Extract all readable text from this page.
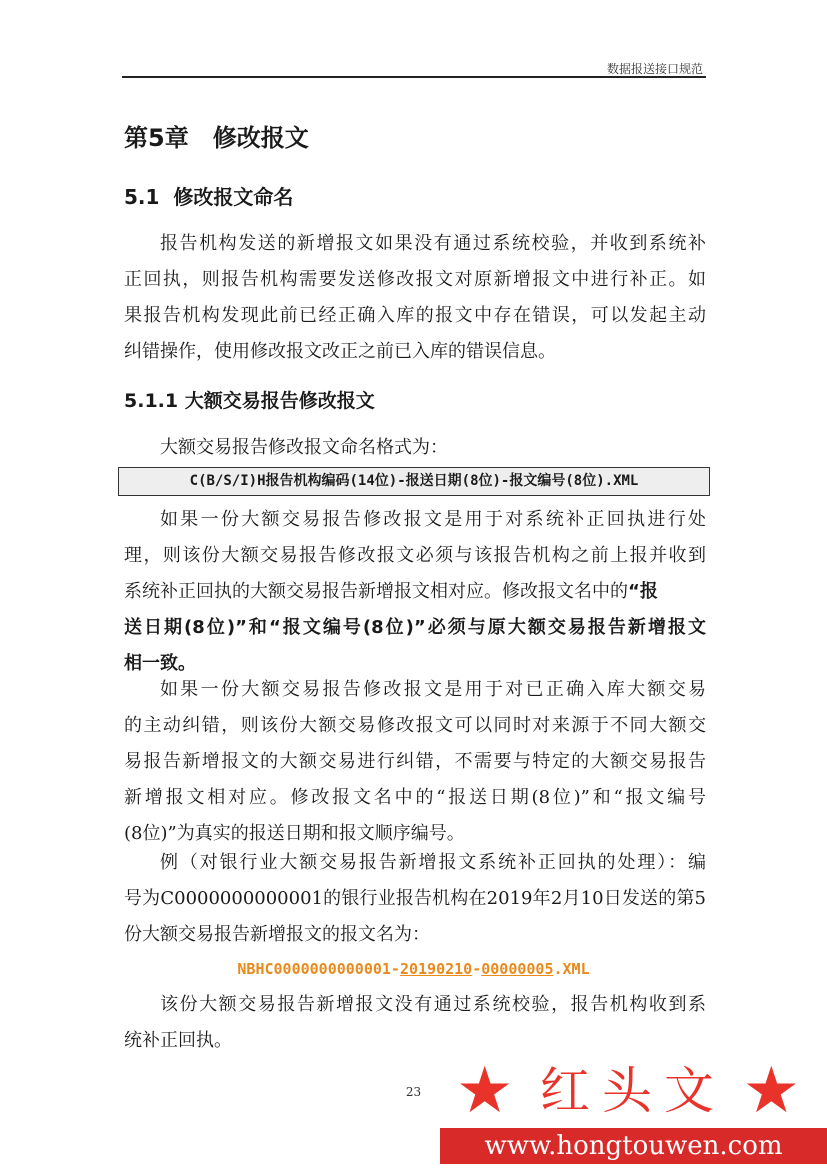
数据报送接口规范
第5章　修改报文
5.1  修改报文命名
报告机构发送的新增报文如果没有通过系统校验，并收到系统补
正回执，则报告机构需要发送修改报文对原新增报文中进行补正。如
果报告机构发现此前已经正确入库的报文中存在错误，可以发起主动
纠错操作，使用修改报文改正之前已入库的错误信息。
5.1.1 大额交易报告修改报文
大额交易报告修改报文命名格式为：
C(B/S/I)H报告机构编码(14位)-报送日期(8位)-报文编号(8位).XML
如果一份大额交易报告修改报文是用于对系统补正回执进行处
理，则该份大额交易报告修改报文必须与该报告机构之前上报并收到
系统补正回执的大额交易报告新增报文相对应。修改报文名中的“报
送日期(8位)”和“报文编号(8位)”必须与原大额交易报告新增报文
相一致。
如果一份大额交易报告修改报文是用于对已正确入库大额交易
的主动纠错，则该份大额交易修改报文可以同时对来源于不同大额交
易报告新增报文的大额交易进行纠错，不需要与特定的大额交易报告
新增报文相对应。修改报文名中的“报送日期(8位)”和“报文编号
(8位)”为真实的报送日期和报文顺序编号。
例（对银行业大额交易报告新增报文系统补正回执的处理）：编
号为C0000000000001的银行业报告机构在2019年2月10日发送的第5
份大额交易报告新增报文的报文名为：
NBHC0000000000001-20190210-00000005.XML
该份大额交易报告新增报文没有通过系统校验，报告机构收到系
统补正回执。
23 ★ 红头文 ★
www.hongtouwen.com
